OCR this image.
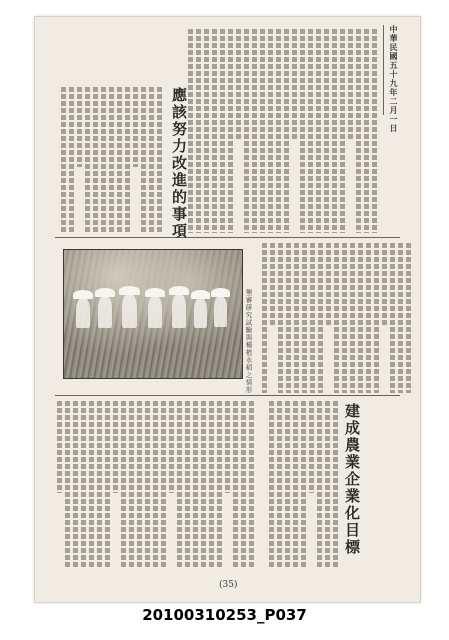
中華民國五十九年二月一日
應該努力改進的事項
墾審研究試驗與種植水稻之情形
建成農業企業化目標
(35)
20100310253_P037
